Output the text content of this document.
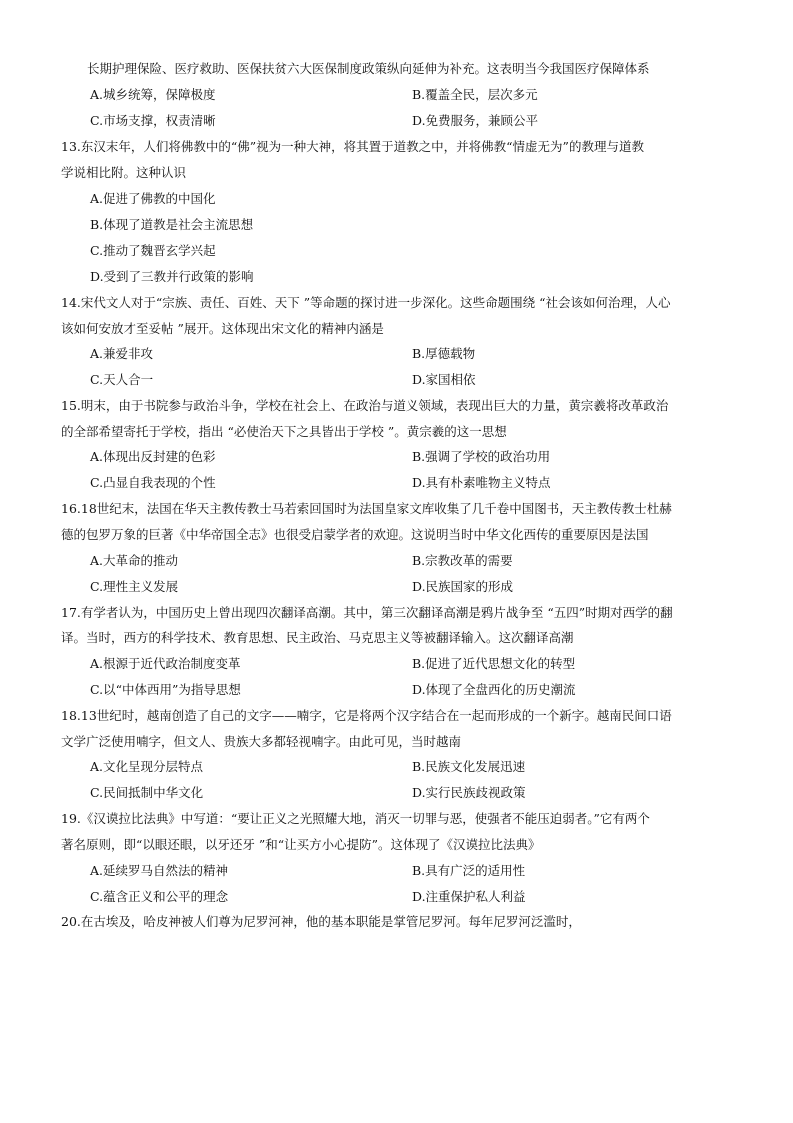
长期护理保险、医疗救助、医保扶贫六大医保制度政策纵向延伸为补充。这表明当今我国医疗保障体系
A.城乡统筹，保障极度	B.覆盖全民，层次多元
C.市场支撑，权责清晰	D.免费服务，兼顾公平
13.东汉末年，人们将佛教中的“佛”视为一种大神，将其置于道教之中，并将佛教“情虚无为”的教理与道教
学说相比附。这种认识
A.促进了佛教的中国化
B.体现了道教是社会主流思想
C.推动了魏晋玄学兴起
D.受到了三教并行政策的影响
14.宋代文人对于“宗族、责任、百姓、天下 ”等命题的探讨进一步深化。这些命题围绕 “社会该如何治理，人心
该如何安放才至妥帖 ”展开。这体现出宋文化的精神内涵是
A.兼爱非攻	B.厚德载物
C.天人合一	D.家国相依
15.明末，由于书院参与政治斗争，学校在社会上、在政治与道义领域，表现出巨大的力量，黄宗羲将改革政治
的全部希望寄托于学校，指出 “必使治天下之具皆出于学校 ”。黄宗羲的这一思想
A.体现出反封建的色彩	B.强调了学校的政治功用
C.凸显自我表现的个性	D.具有朴素唯物主义特点
16.18世纪末，法国在华天主教传教士马若索回国时为法国皇家文库收集了几千卷中国图书，天主教传教士杜赫
德的包罗万象的巨著《中华帝国全志》也很受启蒙学者的欢迎。这说明当时中华文化西传的重要原因是法国
A.大革命的推动	B.宗教改革的需要
C.理性主义发展	D.民族国家的形成
17.有学者认为，中国历史上曾出现四次翻译高潮。其中，第三次翻译高潮是鸦片战争至 “五四”时期对西学的翻
译。当时，西方的科学技术、教育思想、民主政治、马克思主义等被翻译输入。这次翻译高潮
A.根源于近代政治制度变革	B.促进了近代思想文化的转型
C.以“中体西用”为指导思想	D.体现了全盘西化的历史潮流
18.13世纪时，越南创造了自己的文字——喃字，它是将两个汉字结合在一起而形成的一个新字。越南民间口语
文学广泛使用喃字，但文人、贵族大多都轻视喃字。由此可见，当时越南
A.文化呈现分层特点	B.民族文化发展迅速
C.民间抵制中华文化	D.实行民族歧视政策
19.《汉谟拉比法典》中写道：“要让正义之光照耀大地，消灭一切罪与恶，使强者不能压迫弱者。”它有两个
著名原则，即“以眼还眼，以牙还牙 ”和“让买方小心提防”。这体现了《汉谟拉比法典》
A.延续罗马自然法的精神	B.具有广泛的适用性
C.蕴含正义和公平的理念	D.注重保护私人利益
20.在古埃及，哈皮神被人们尊为尼罗河神，他的基本职能是掌管尼罗河。每年尼罗河泛滥时，
